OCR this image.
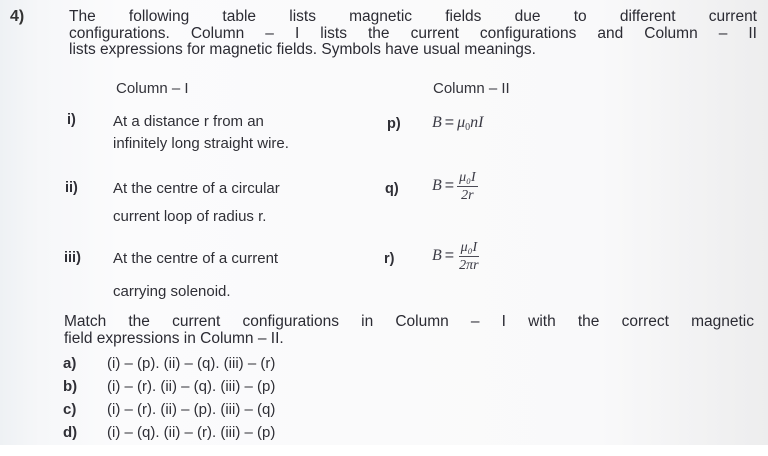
4)	The following table lists magnetic fields due to different current
configurations. Column – I lists the current configurations and Column – II
lists expressions for magnetic fields. Symbols have usual meanings.
Column – I	Column – II
i) At a distance r from an
infinitely long straight wire.
p) $B = \mu_0nI$
ii) At the centre of a circular
current loop of radius r.
q) $B = \frac{\text{μ₀I}}{2r}$
iii) At the centre of a current
carrying solenoid.
r) $B = \frac{\text{μ₀I}}{2\pi r}$
Match the current configurations in Column – I with the correct magnetic
field expressions in Column – II.
a) (i) – (p). (ii) – (q). (iii) – (r)
b) (i) – (r). (ii) – (q). (iii) – (p)
c) (i) – (r). (ii) – (p). (iii) – (q)
d) (i) – (q). (ii) – (r). (iii) – (p)
